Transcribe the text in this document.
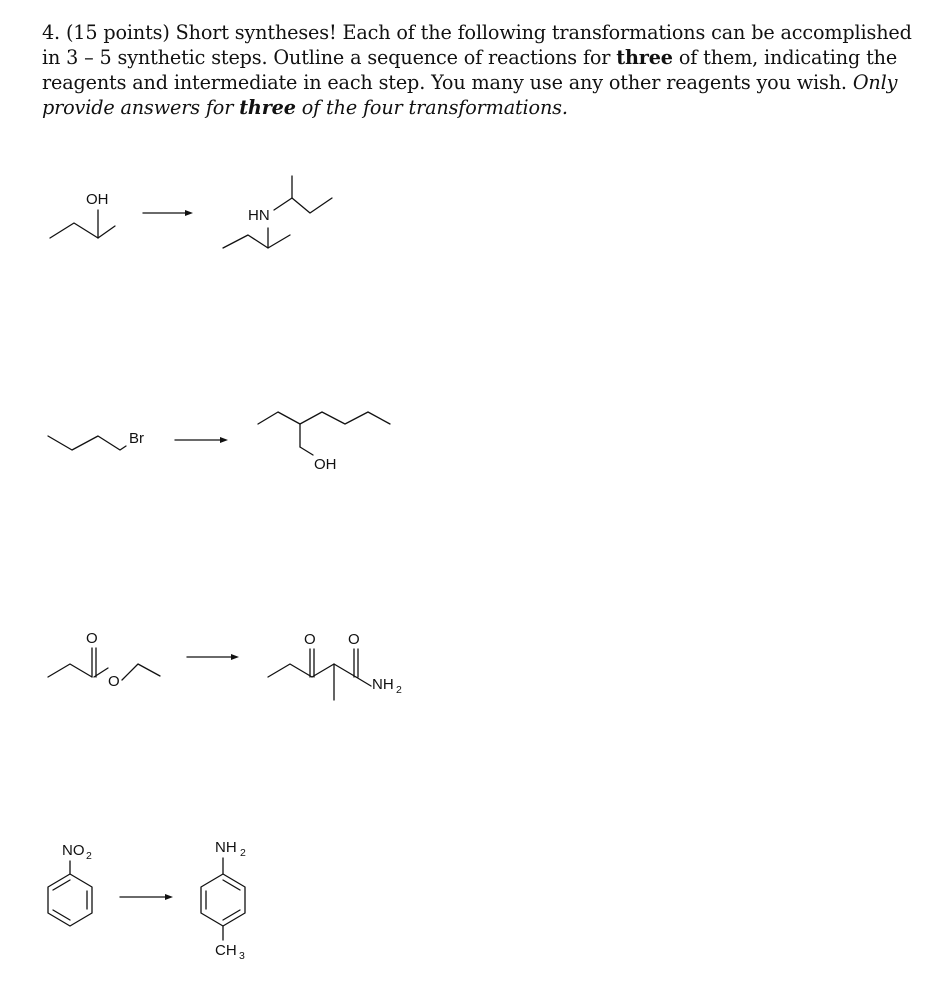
4. (15 points) Short syntheses! Each of the following transformations can be accomplished in 3 – 5 synthetic steps. Outline a sequence of reactions for three of them, indicating the reagents and intermediate in each step. You many use any other reagents you wish. Only provide answers for three of the four transformations.
OH
HN
Br
OH
O
O
O O
NH 2
NO 2	NH 2
CH 3
